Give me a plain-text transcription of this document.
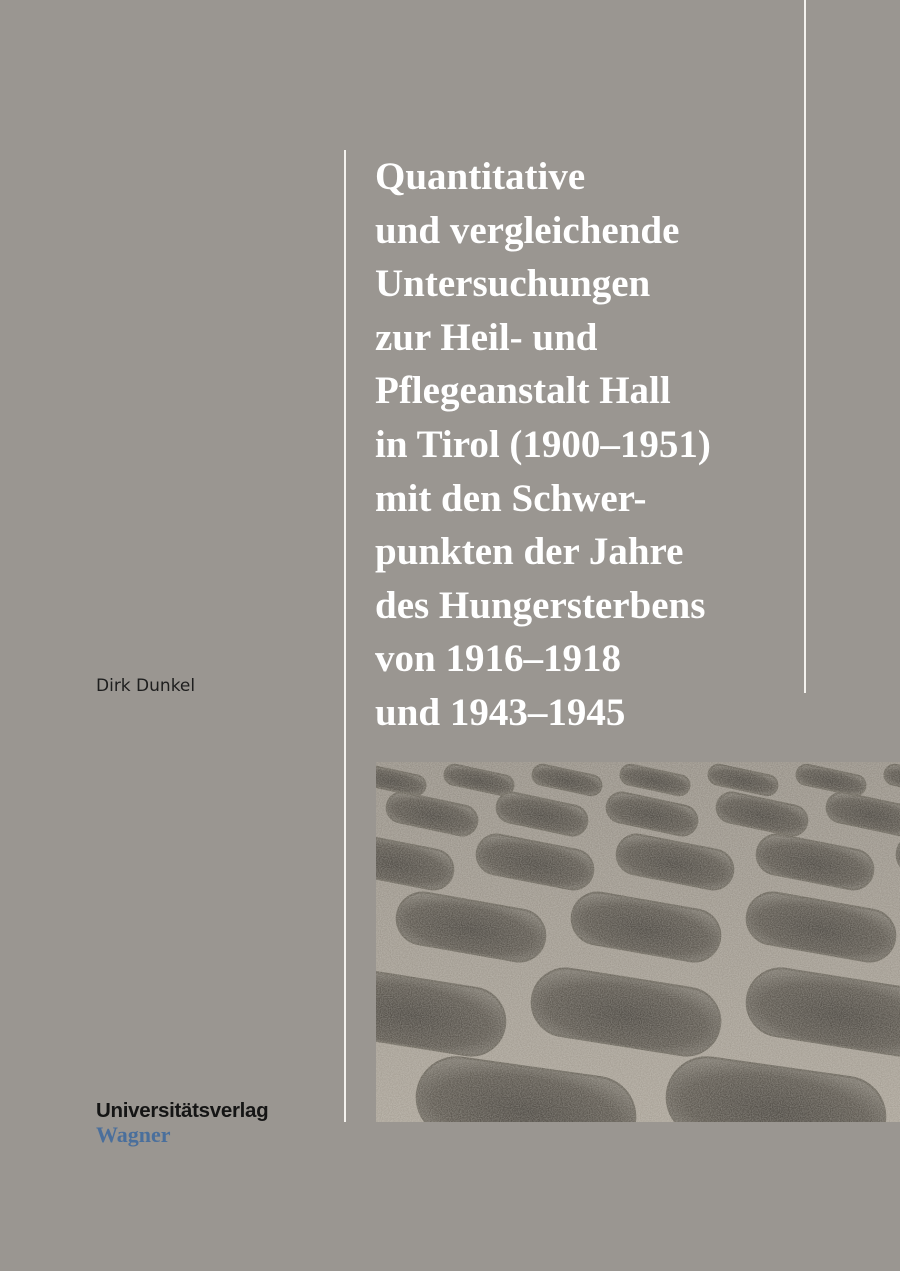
Quantitative
und vergleichende
Untersuchungen
zur Heil- und
Pflegeanstalt Hall
in Tirol (1900–1951)
mit den Schwer-
punkten der Jahre
des Hungersterbens
von 1916–1918
und 1943–1945

Dirk Dunkel

Universitätsverlag
Wagner
